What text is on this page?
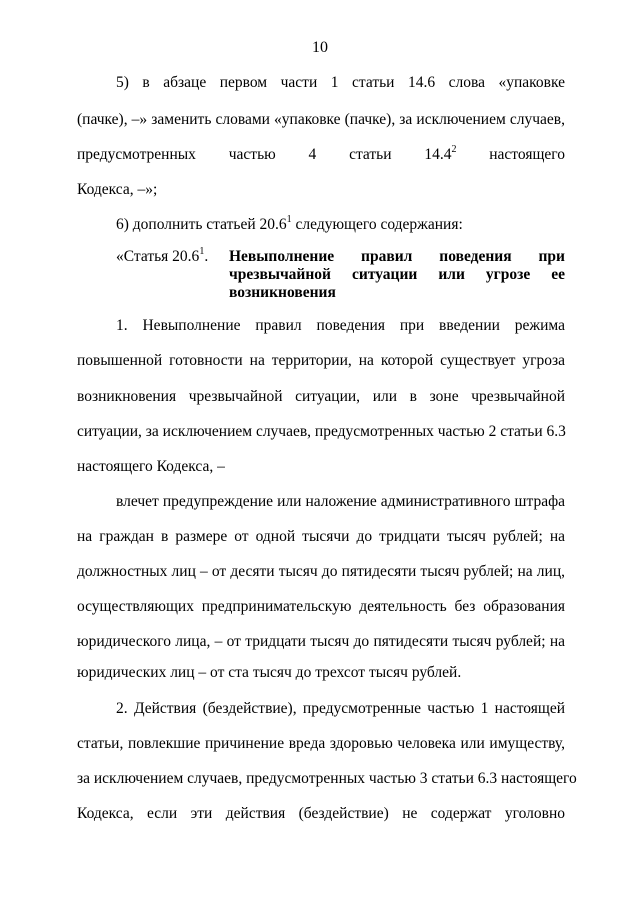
10
5) в абзаце первом части 1 статьи 14.6 слова «упаковке
(пачке), –» заменить словами «упаковке (пачке), за исключением случаев,
предусмотренных частью 4 статьи 14.4$^2$ настоящего
Кодекса, –»;
6) дополнить статьей 20.6$^1$ следующего содержания:
«Статья 20.6$^1$. Невыполнение правил поведения при
чрезвычайной ситуации или угрозе ее
возникновения
1. Невыполнение правил поведения при введении режима
повышенной готовности на территории, на которой существует угроза
возникновения чрезвычайной ситуации, или в зоне чрезвычайной
ситуации, за исключением случаев, предусмотренных частью 2 статьи 6.3
настоящего Кодекса, –
влечет предупреждение или наложение административного штрафа
на граждан в размере от одной тысячи до тридцати тысяч рублей; на
должностных лиц – от десяти тысяч до пятидесяти тысяч рублей; на лиц,
осуществляющих предпринимательскую деятельность без образования
юридического лица, – от тридцати тысяч до пятидесяти тысяч рублей; на
юридических лиц – от ста тысяч до трехсот тысяч рублей.
2. Действия (бездействие), предусмотренные частью 1 настоящей
статьи, повлекшие причинение вреда здоровью человека или имуществу,
за исключением случаев, предусмотренных частью 3 статьи 6.3 настоящего
Кодекса, если эти действия (бездействие) не содержат уголовно
